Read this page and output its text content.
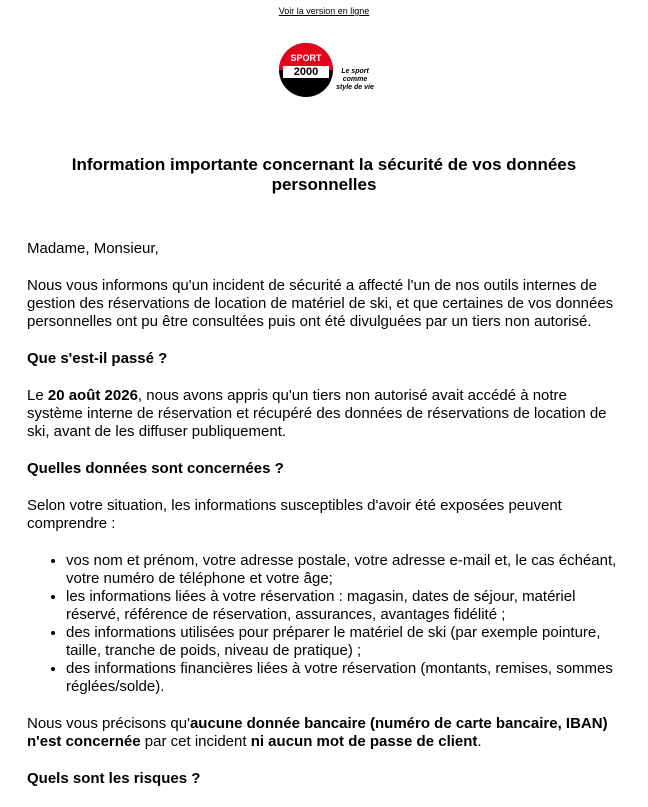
Voir la version en ligne
SPORT
2000	Le sport
comme
style de vie
Information importante concernant la sécurité de vos données personnelles

Madame, Monsieur,

Nous vous informons qu'un incident de sécurité a affecté l'un de nos outils internes de gestion des réservations de location de matériel de ski, et que certaines de vos données personnelles ont pu être consultées puis ont été divulguées par un tiers non autorisé.

Que s'est-il passé ?

Le 20 août 2026, nous avons appris qu'un tiers non autorisé avait accédé à notre système interne de réservation et récupéré des données de réservations de location de ski, avant de les diffuser publiquement.

Quelles données sont concernées ?

Selon votre situation, les informations susceptibles d'avoir été exposées peuvent comprendre :

• vos nom et prénom, votre adresse postale, votre adresse e-mail et, le cas échéant, votre numéro de téléphone et votre âge;
• les informations liées à votre réservation : magasin, dates de séjour, matériel réservé, référence de réservation, assurances, avantages fidélité ;
• des informations utilisées pour préparer le matériel de ski (par exemple pointure, taille, tranche de poids, niveau de pratique) ;
• des informations financières liées à votre réservation (montants, remises, sommes réglées/solde).

Nous vous précisons qu'aucune donnée bancaire (numéro de carte bancaire, IBAN) n'est concernée par cet incident ni aucun mot de passe de client.

Quels sont les risques ?
